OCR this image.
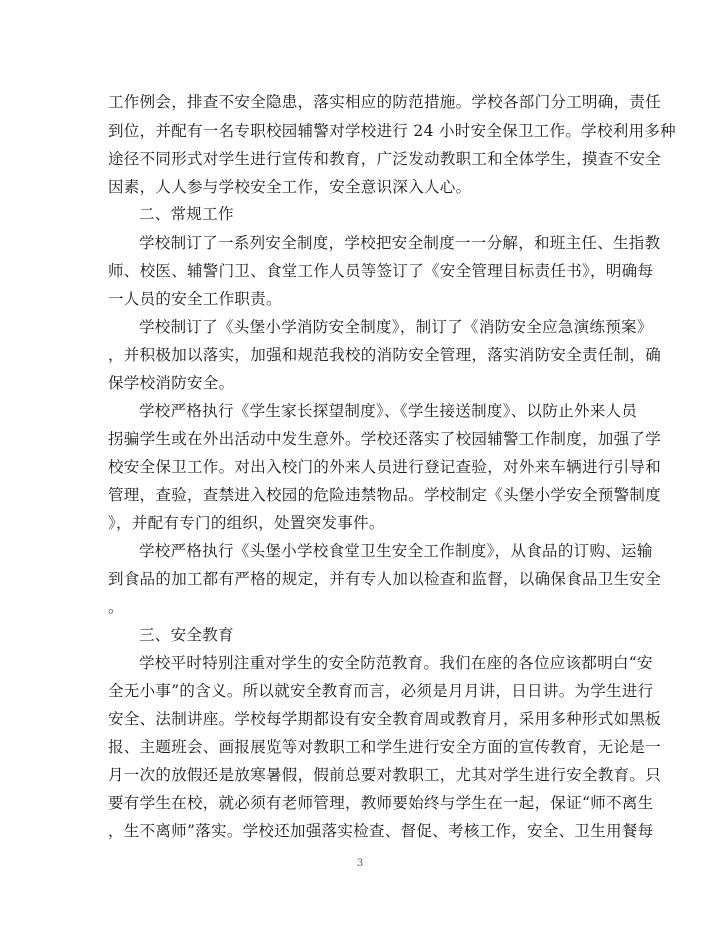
工作例会，排查不安全隐患，落实相应的防范措施。学校各部门分工明确，责任
到位，并配有一名专职校园辅警对学校进行 24 小时安全保卫工作。学校利用多种
途径不同形式对学生进行宣传和教育，广泛发动教职工和全体学生，摸查不安全
因素，人人参与学校安全工作，安全意识深入人心。
二、常规工作
学校制订了一系列安全制度，学校把安全制度一一分解，和班主任、生指教
师、校医、辅警门卫、食堂工作人员等签订了《安全管理目标责任书》，明确每
一人员的安全工作职责。
学校制订了《头堡小学消防安全制度》，制订了《消防安全应急演练预案》
，并积极加以落实，加强和规范我校的消防安全管理，落实消防安全责任制，确
保学校消防安全。
学校严格执行《学生家长探望制度》、《学生接送制度》、以防止外来人员
拐骗学生或在外出活动中发生意外。学校还落实了校园辅警工作制度，加强了学
校安全保卫工作。对出入校门的外来人员进行登记查验，对外来车辆进行引导和
管理，查验，查禁进入校园的危险违禁物品。学校制定《头堡小学安全预警制度
》，并配有专门的组织，处置突发事件。
学校严格执行《头堡小学校食堂卫生安全工作制度》，从食品的订购、运输
到食品的加工都有严格的规定，并有专人加以检查和监督，以确保食品卫生安全
。
三、安全教育
学校平时特别注重对学生的安全防范教育。我们在座的各位应该都明白“安
全无小事”的含义。所以就安全教育而言，必须是月月讲，日日讲。为学生进行
安全、法制讲座。学校每学期都设有安全教育周或教育月，采用多种形式如黑板
报、主题班会、画报展览等对教职工和学生进行安全方面的宣传教育，无论是一
月一次的放假还是放寒暑假，假前总要对教职工，尤其对学生进行安全教育。只
要有学生在校，就必须有老师管理，教师要始终与学生在一起，保证“师不离生
，生不离师”落实。学校还加强落实检查、督促、考核工作，安全、卫生用餐每
3
